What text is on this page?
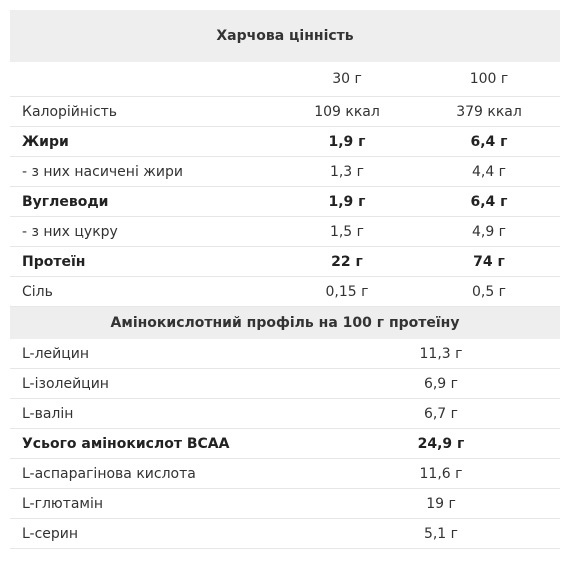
Харчова цінність		
	30 г	100 г
Калорійність	109 ккал	379 ккал
Жири	1,9 г	6,4 г
- з них насичені жири	1,3 г	4,4 г
Вуглеводи	1,9 г	6,4 г
- з них цукру	1,5 г	4,9 г
Протеїн	22 г	74 г
Сіль	0,15 г	0,5 г
Амінокислотний профіль на 100 г протеїну		
L-лейцин	11,3 г
L-ізолейцин	6,9 г
L-валін	6,7 г
Усього амінокислот BCAA	24,9 г
L-аспарагінова кислота	11,6 г
L-глютамін	19 г
L-серин	5,1 г
